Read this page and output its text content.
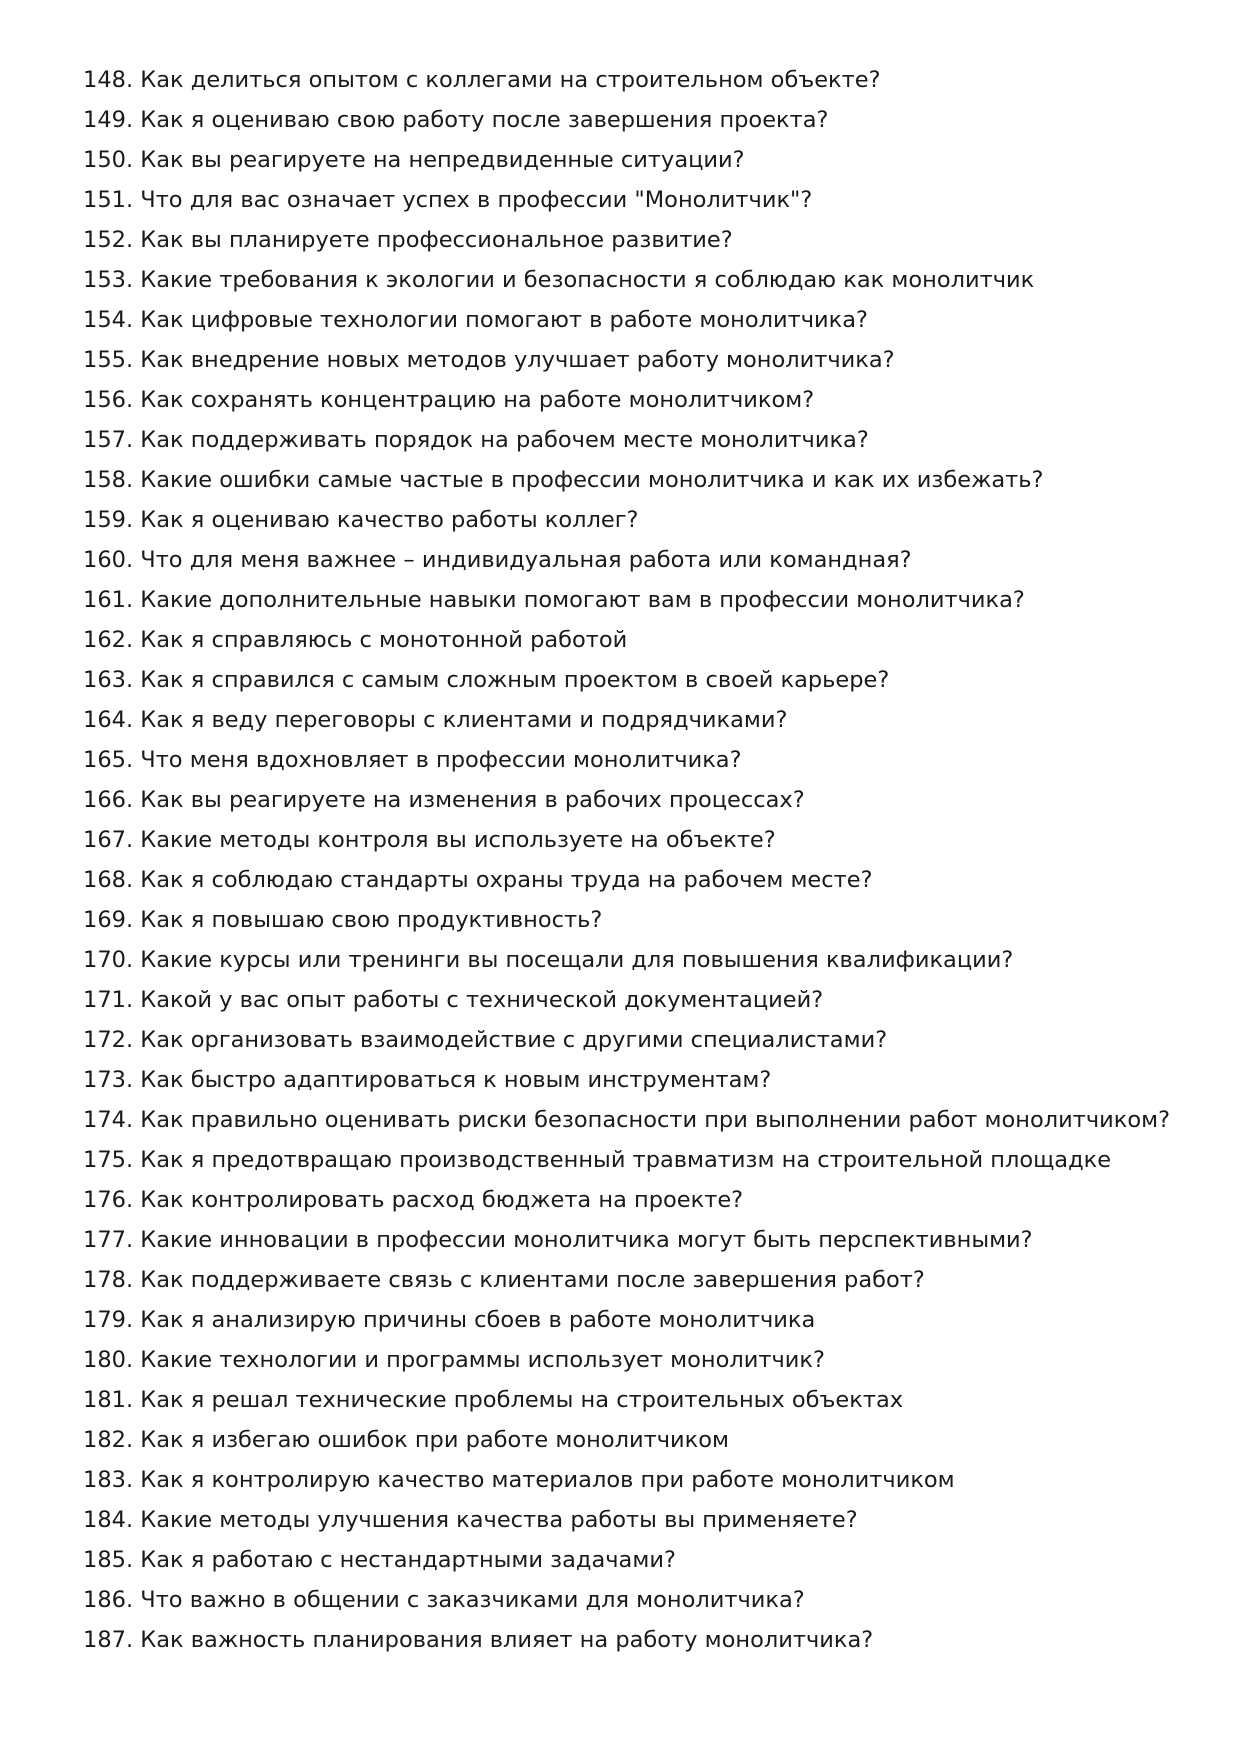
148. Как делиться опытом с коллегами на строительном объекте?
149. Как я оцениваю свою работу после завершения проекта?
150. Как вы реагируете на непредвиденные ситуации?
151. Что для вас означает успех в профессии "Монолитчик"?
152. Как вы планируете профессиональное развитие?
153. Какие требования к экологии и безопасности я соблюдаю как монолитчик
154. Как цифровые технологии помогают в работе монолитчика?
155. Как внедрение новых методов улучшает работу монолитчика?
156. Как сохранять концентрацию на работе монолитчиком?
157. Как поддерживать порядок на рабочем месте монолитчика?
158. Какие ошибки самые частые в профессии монолитчика и как их избежать?
159. Как я оцениваю качество работы коллег?
160. Что для меня важнее – индивидуальная работа или командная?
161. Какие дополнительные навыки помогают вам в профессии монолитчика?
162. Как я справляюсь с монотонной работой
163. Как я справился с самым сложным проектом в своей карьере?
164. Как я веду переговоры с клиентами и подрядчиками?
165. Что меня вдохновляет в профессии монолитчика?
166. Как вы реагируете на изменения в рабочих процессах?
167. Какие методы контроля вы используете на объекте?
168. Как я соблюдаю стандарты охраны труда на рабочем месте?
169. Как я повышаю свою продуктивность?
170. Какие курсы или тренинги вы посещали для повышения квалификации?
171. Какой у вас опыт работы с технической документацией?
172. Как организовать взаимодействие с другими специалистами?
173. Как быстро адаптироваться к новым инструментам?
174. Как правильно оценивать риски безопасности при выполнении работ монолитчиком?
175. Как я предотвращаю производственный травматизм на строительной площадке
176. Как контролировать расход бюджета на проекте?
177. Какие инновации в профессии монолитчика могут быть перспективными?
178. Как поддерживаете связь с клиентами после завершения работ?
179. Как я анализирую причины сбоев в работе монолитчика
180. Какие технологии и программы использует монолитчик?
181. Как я решал технические проблемы на строительных объектах
182. Как я избегаю ошибок при работе монолитчиком
183. Как я контролирую качество материалов при работе монолитчиком
184. Какие методы улучшения качества работы вы применяете?
185. Как я работаю с нестандартными задачами?
186. Что важно в общении с заказчиками для монолитчика?
187. Как важность планирования влияет на работу монолитчика?
